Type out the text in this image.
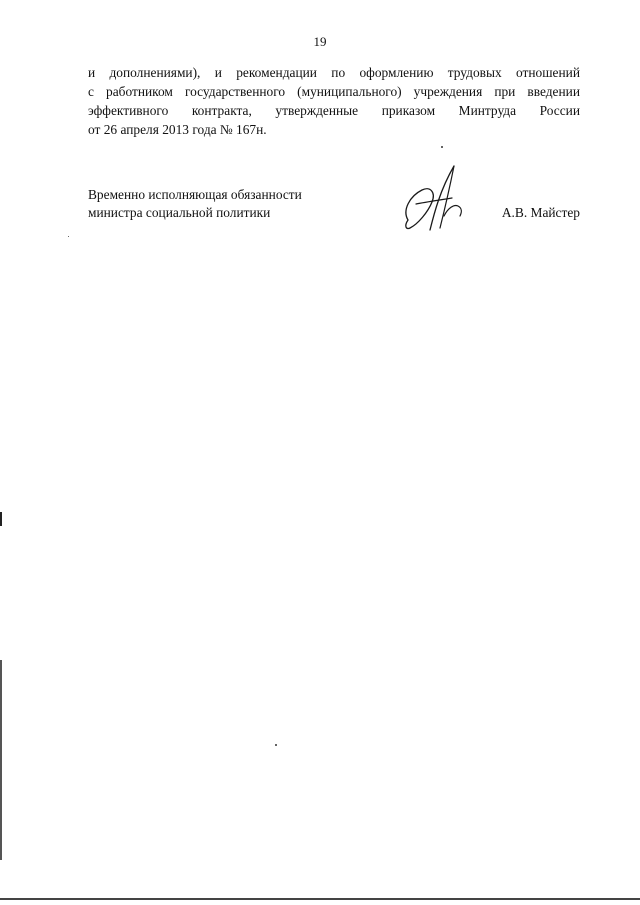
19
и дополнениями), и рекомендации по оформлению трудовых отношений
с работником государственного (муниципального) учреждения при введении
эффективного контракта, утвержденные приказом Минтруда России
от 26 апреля 2013 года № 167н.
Временно исполняющая обязанности
министра социальной политики	А.В. Майстер
